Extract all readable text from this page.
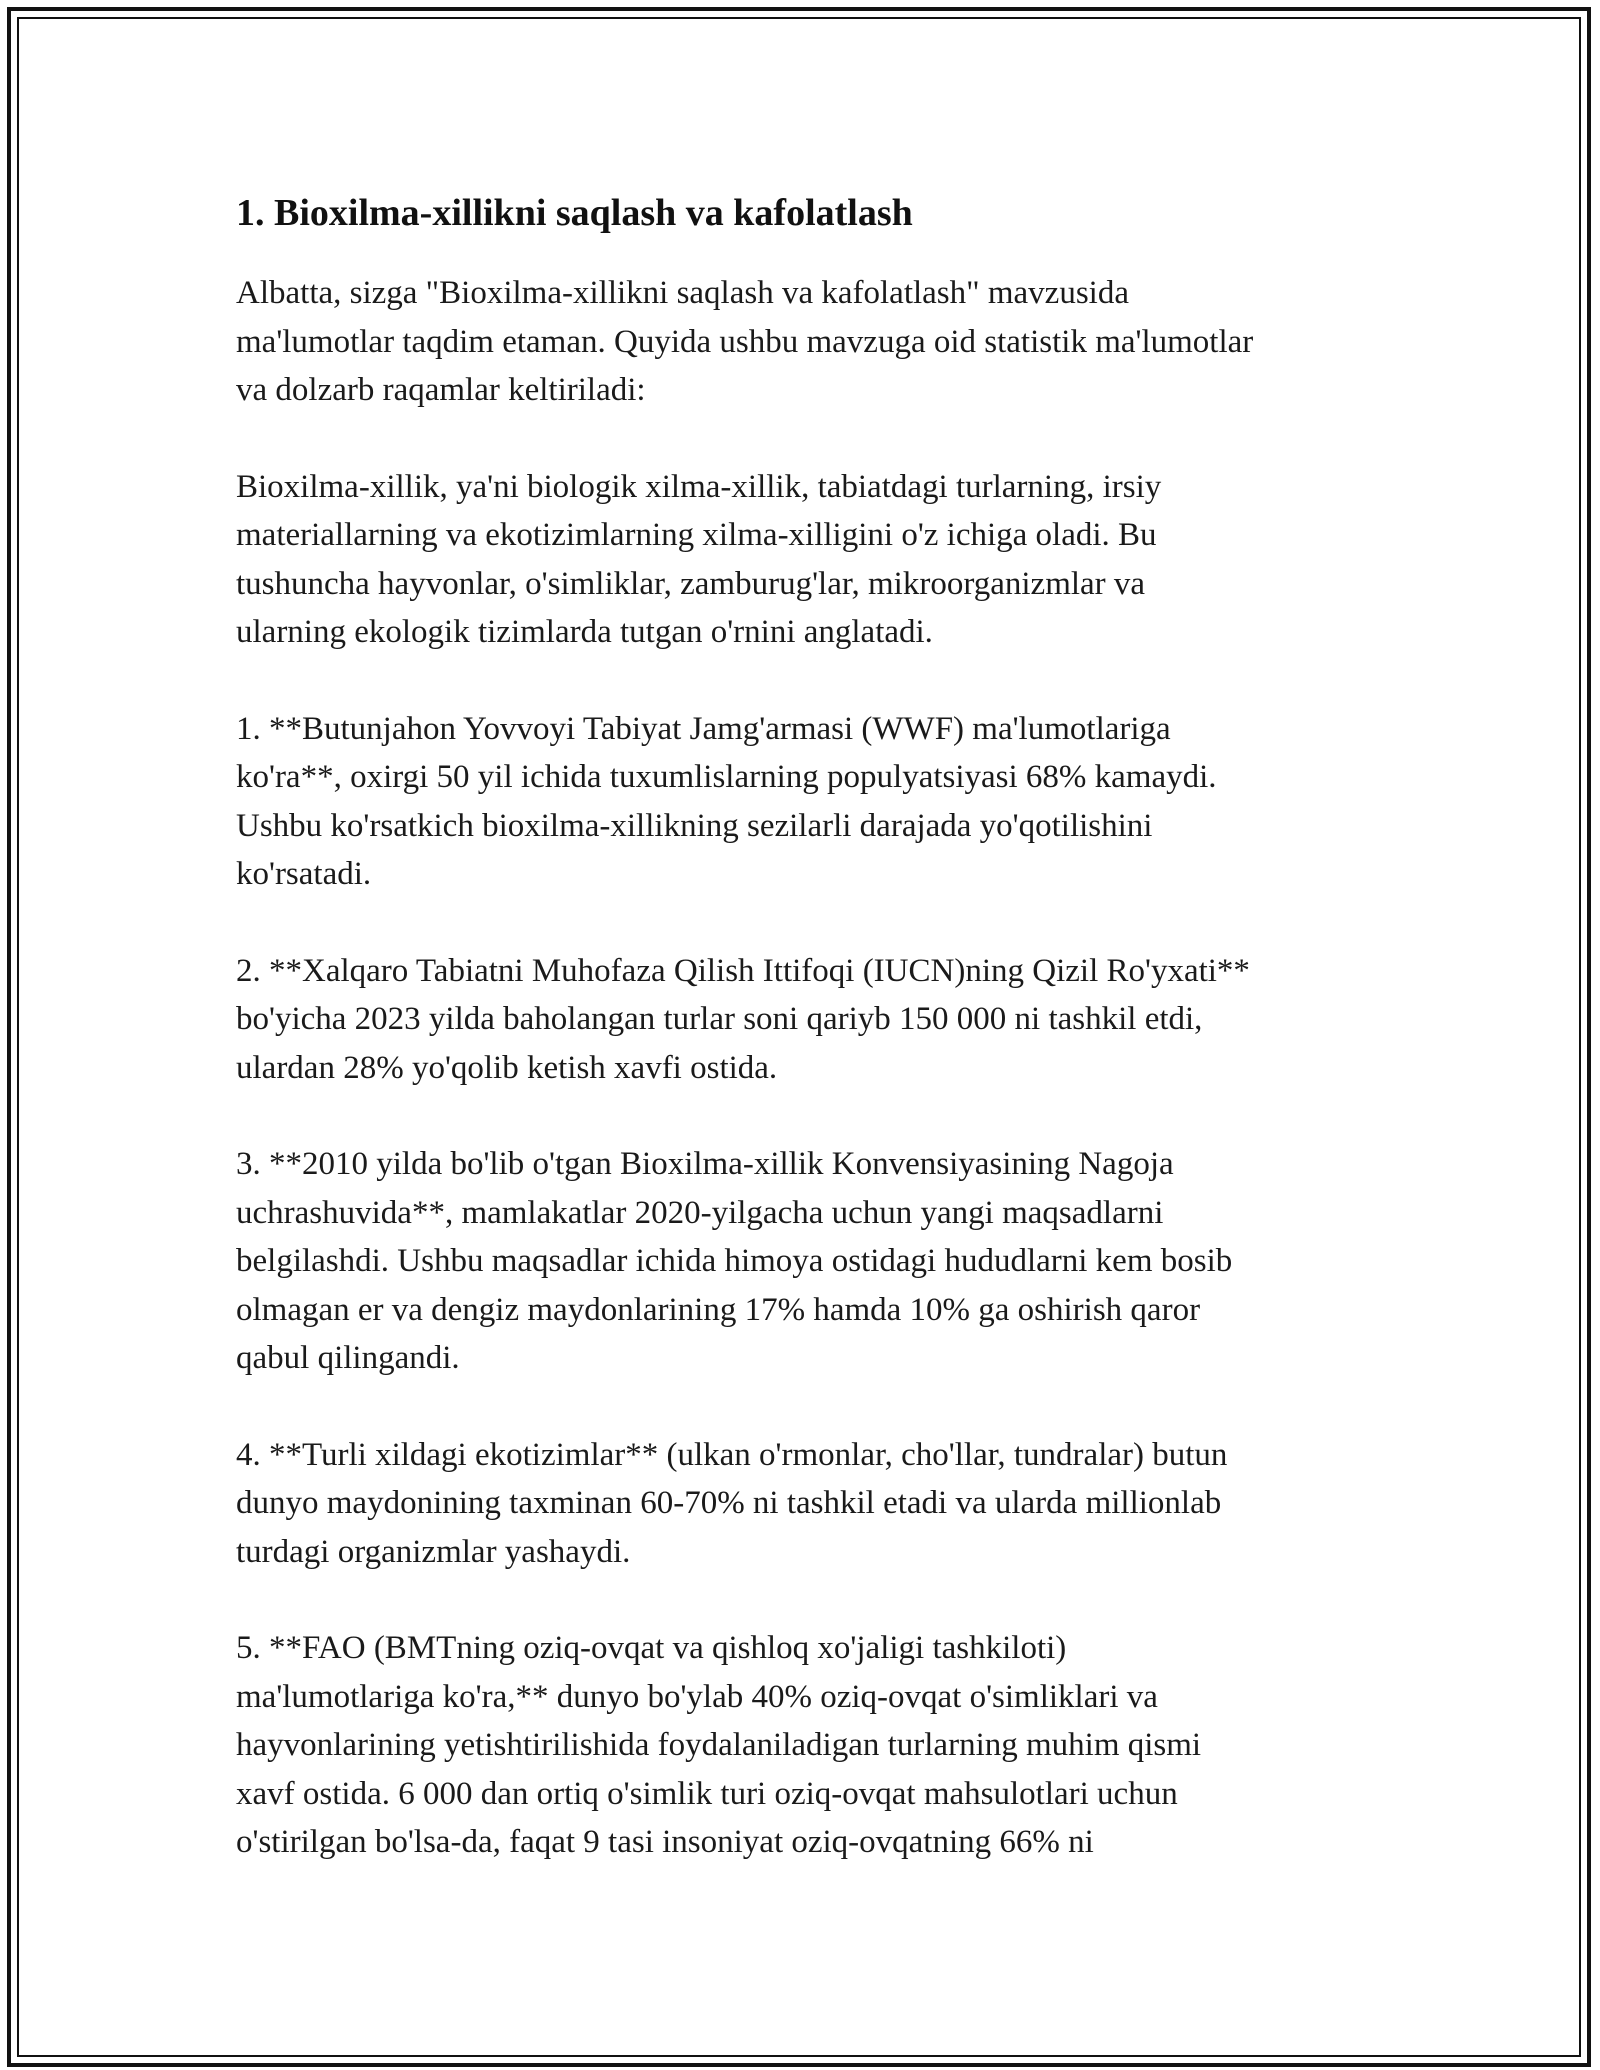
1. Bioxilma-xillikni saqlash va kafolatlash

Albatta, sizga "Bioxilma-xillikni saqlash va kafolatlash" mavzusida
ma'lumotlar taqdim etaman. Quyida ushbu mavzuga oid statistik ma'lumotlar
va dolzarb raqamlar keltiriladi:

Bioxilma-xillik, ya'ni biologik xilma-xillik, tabiatdagi turlarning, irsiy
materiallarning va ekotizimlarning xilma-xilligini o'z ichiga oladi. Bu
tushuncha hayvonlar, o'simliklar, zamburug'lar, mikroorganizmlar va
ularning ekologik tizimlarda tutgan o'rnini anglatadi.

1. **Butunjahon Yovvoyi Tabiyat Jamg'armasi (WWF) ma'lumotlariga
ko'ra**, oxirgi 50 yil ichida tuxumlislarning populyatsiyasi 68% kamaydi.
Ushbu ko'rsatkich bioxilma-xillikning sezilarli darajada yo'qotilishini
ko'rsatadi.

2. **Xalqaro Tabiatni Muhofaza Qilish Ittifoqi (IUCN)ning Qizil Ro'yxati**
bo'yicha 2023 yilda baholangan turlar soni qariyb 150 000 ni tashkil etdi,
ulardan 28% yo'qolib ketish xavfi ostida.

3. **2010 yilda bo'lib o'tgan Bioxilma-xillik Konvensiyasining Nagoja
uchrashuvida**, mamlakatlar 2020-yilgacha uchun yangi maqsadlarni
belgilashdi. Ushbu maqsadlar ichida himoya ostidagi hududlarni kem bosib
olmagan er va dengiz maydonlarining 17% hamda 10% ga oshirish qaror
qabul qilingandi.

4. **Turli xildagi ekotizimlar** (ulkan o'rmonlar, cho'llar, tundralar) butun
dunyo maydonining taxminan 60-70% ni tashkil etadi va ularda millionlab
turdagi organizmlar yashaydi.

5. **FAO (BMTning oziq-ovqat va qishloq xo'jaligi tashkiloti)
ma'lumotlariga ko'ra,** dunyo bo'ylab 40% oziq-ovqat o'simliklari va
hayvonlarining yetishtirilishida foydalaniladigan turlarning muhim qismi
xavf ostida. 6 000 dan ortiq o'simlik turi oziq-ovqat mahsulotlari uchun
o'stirilgan bo'lsa-da, faqat 9 tasi insoniyat oziq-ovqatning 66% ni
